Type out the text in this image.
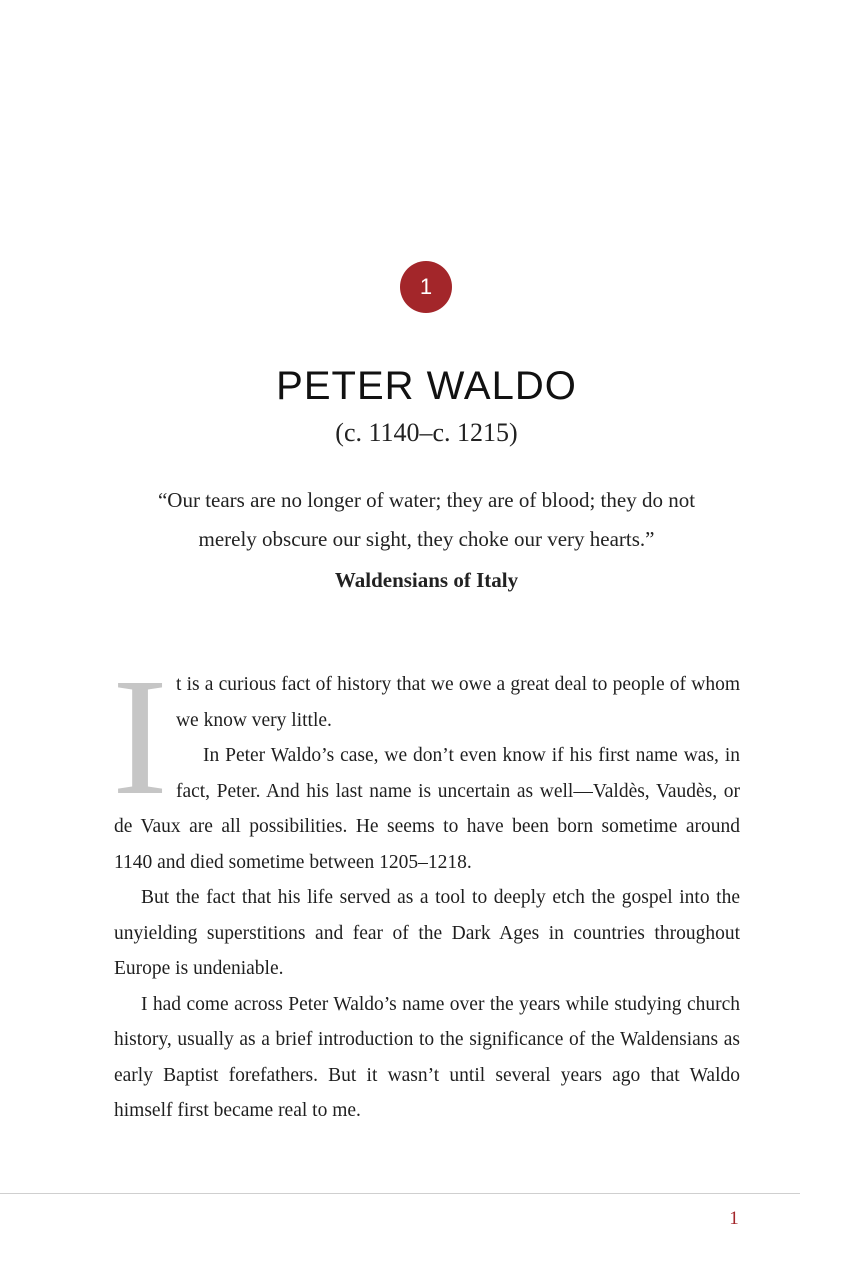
1
PETER WALDO
(c. 1140–c. 1215)

“Our tears are no longer of water; they are of blood; they do not merely obscure our sight, they choke our very hearts.”

Waldensians of Italy

It is a curious fact of history that we owe a great deal to people of whom we know very little.

In Peter Waldo’s case, we don’t even know if his first name was, in fact, Peter. And his last name is uncertain as well—Valdès, Vaudès, or de Vaux are all possibilities. He seems to have been born sometime around 1140 and died sometime between 1205–1218.

But the fact that his life served as a tool to deeply etch the gospel into the unyielding superstitions and fear of the Dark Ages in countries throughout Europe is undeniable.

I had come across Peter Waldo’s name over the years while studying church history, usually as a brief introduction to the significance of the Waldensians as early Baptist forefathers. But it wasn’t until several years ago that Waldo himself first became real to me.

1
